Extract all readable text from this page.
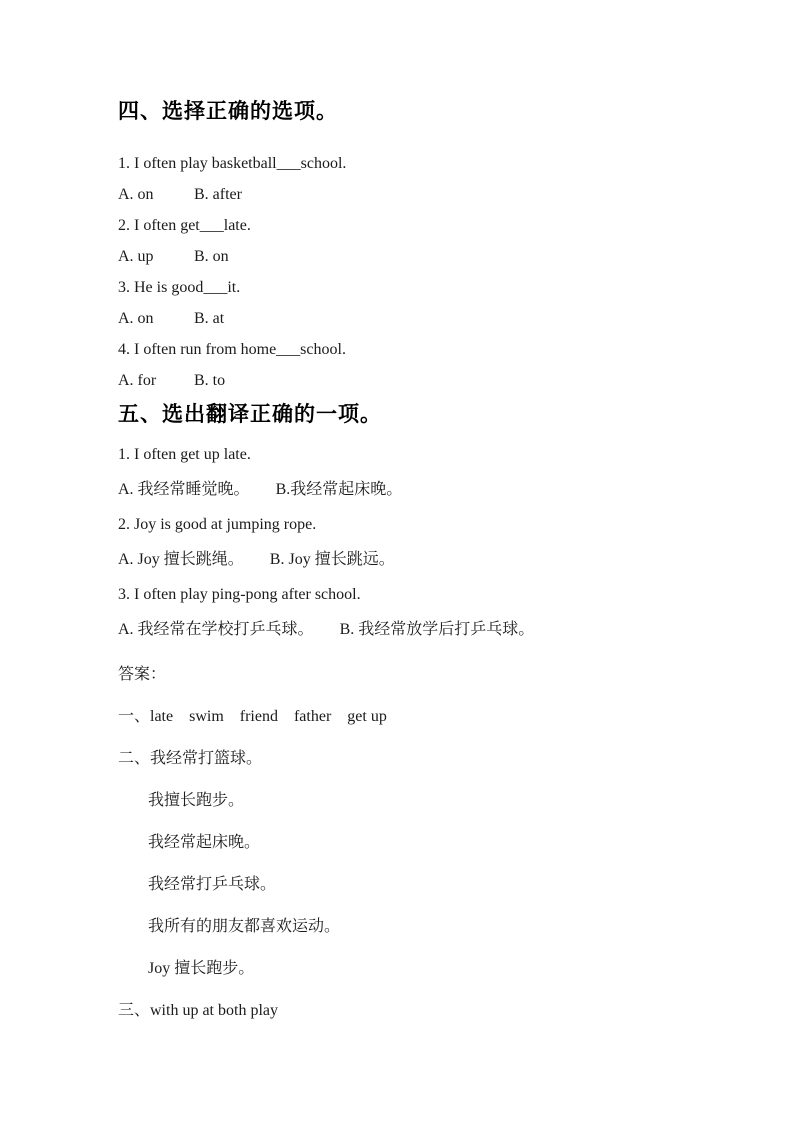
四、选择正确的选项。

1. I often play basketball___school.

A. on	B. after

2. I often get___late.

A. up	B. on

3. He is good___it.

A. on	B. at

4. I often run from home___school.

A. for B. to

五、选出翻译正确的一项。

1. I often get up late.

A. 我经常睡觉晚。 B.我经常起床晚。

2. Joy is good at jumping rope.

A. Joy 擅长跳绳。 B. Joy 擅长跳远。

3. I often play ping-pong after school.

A. 我经常在学校打乒乓球。 B. 我经常放学后打乒乓球。

答案：

一、late    swim    friend    father    get up

二、我经常打篮球。

我擅长跑步。

我经常起床晚。

我经常打乒乓球。

我所有的朋友都喜欢运动。

Joy 擅长跑步。

三、with up at both play
